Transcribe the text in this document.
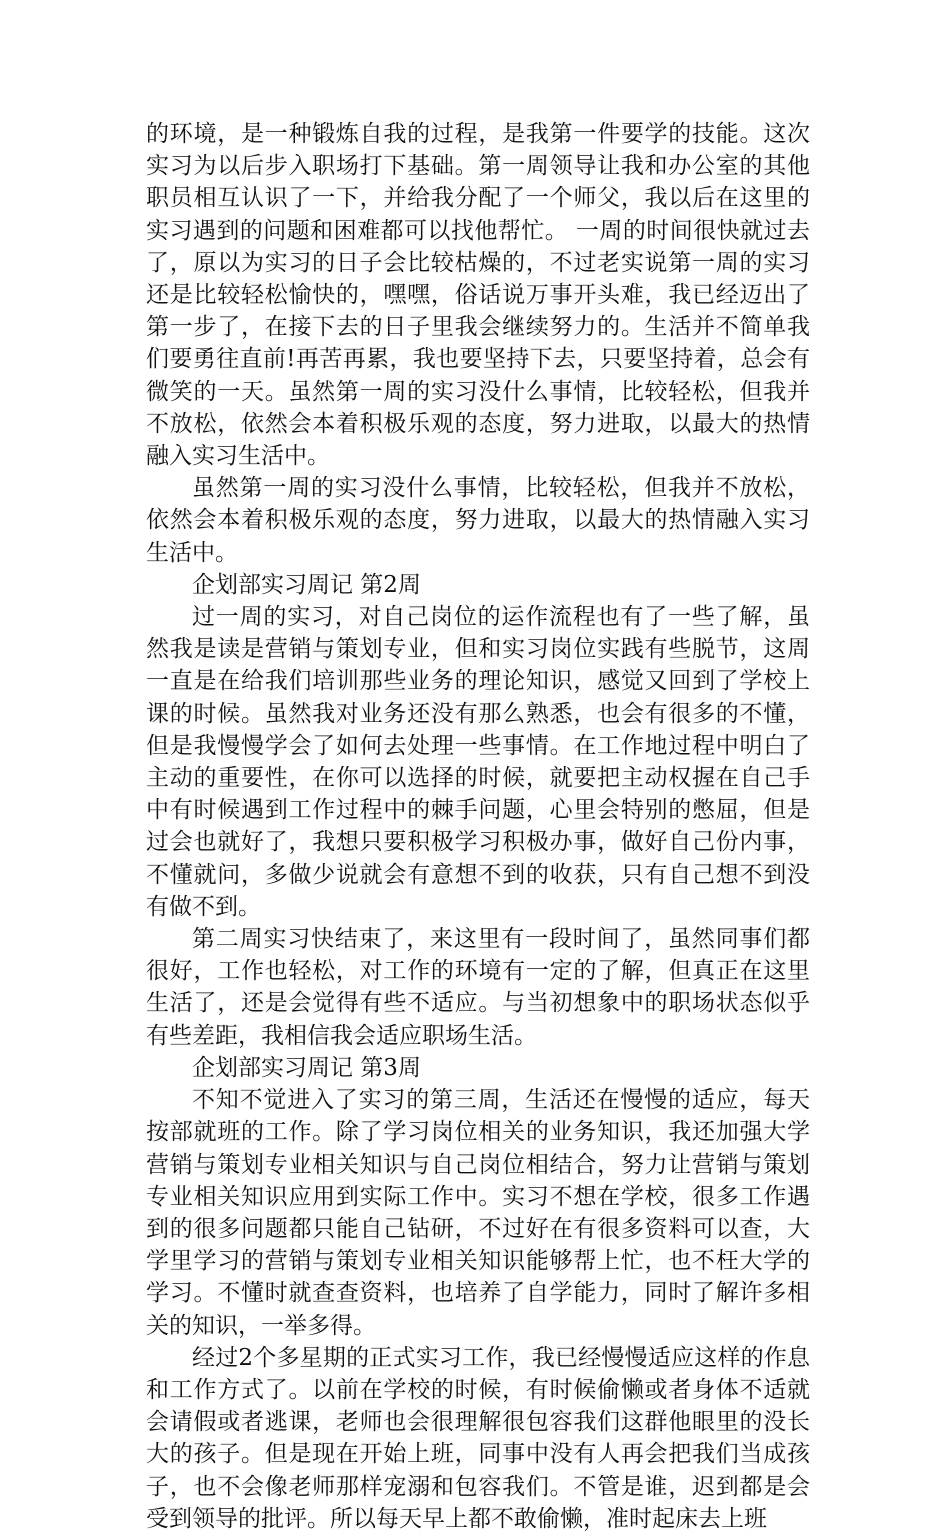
的环境，是一种锻炼自我的过程，是我第一件要学的技能。这次实习为以后步入职场打下基础。第一周领导让我和办公室的其他职员相互认识了一下，并给我分配了一个师父，我以后在这里的实习遇到的问题和困难都可以找他帮忙。 一周的时间很快就过去了，原以为实习的日子会比较枯燥的，不过老实说第一周的实习还是比较轻松愉快的，嘿嘿，俗话说万事开头难，我已经迈出了第一步了，在接下去的日子里我会继续努力的。生活并不简单我们要勇往直前!再苦再累，我也要坚持下去，只要坚持着，总会有微笑的一天。虽然第一周的实习没什么事情，比较轻松，但我并不放松，依然会本着积极乐观的态度，努力进取，以最大的热情融入实习生活中。

虽然第一周的实习没什么事情，比较轻松，但我并不放松，依然会本着积极乐观的态度，努力进取，以最大的热情融入实习生活中。

企划部实习周记 第2周

过一周的实习，对自己岗位的运作流程也有了一些了解，虽然我是读是营销与策划专业，但和实习岗位实践有些脱节，这周一直是在给我们培训那些业务的理论知识，感觉又回到了学校上课的时候。虽然我对业务还没有那么熟悉，也会有很多的不懂，但是我慢慢学会了如何去处理一些事情。在工作地过程中明白了主动的重要性，在你可以选择的时候，就要把主动权握在自己手中有时候遇到工作过程中的棘手问题，心里会特别的憋屈，但是过会也就好了，我想只要积极学习积极办事，做好自己份内事，不懂就问，多做少说就会有意想不到的收获，只有自己想不到没有做不到。

第二周实习快结束了，来这里有一段时间了，虽然同事们都很好，工作也轻松，对工作的环境有一定的了解，但真正在这里生活了，还是会觉得有些不适应。与当初想象中的职场状态似乎有些差距，我相信我会适应职场生活。

企划部实习周记 第3周

不知不觉进入了实习的第三周，生活还在慢慢的适应，每天按部就班的工作。除了学习岗位相关的业务知识，我还加强大学营销与策划专业相关知识与自己岗位相结合，努力让营销与策划专业相关知识应用到实际工作中。实习不想在学校，很多工作遇到的很多问题都只能自己钻研，不过好在有很多资料可以查，大学里学习的营销与策划专业相关知识能够帮上忙，也不枉大学的学习。不懂时就查查资料，也培养了自学能力，同时了解许多相关的知识，一举多得。

经过2个多星期的正式实习工作，我已经慢慢适应这样的作息和工作方式了。以前在学校的时候，有时候偷懒或者身体不适就会请假或者逃课，老师也会很理解很包容我们这群他眼里的没长大的孩子。但是现在开始上班，同事中没有人再会把我们当成孩子，也不会像老师那样宠溺和包容我们。不管是谁，迟到都是会受到领导的批评。所以每天早上都不敢偷懒，准时起床去上班
